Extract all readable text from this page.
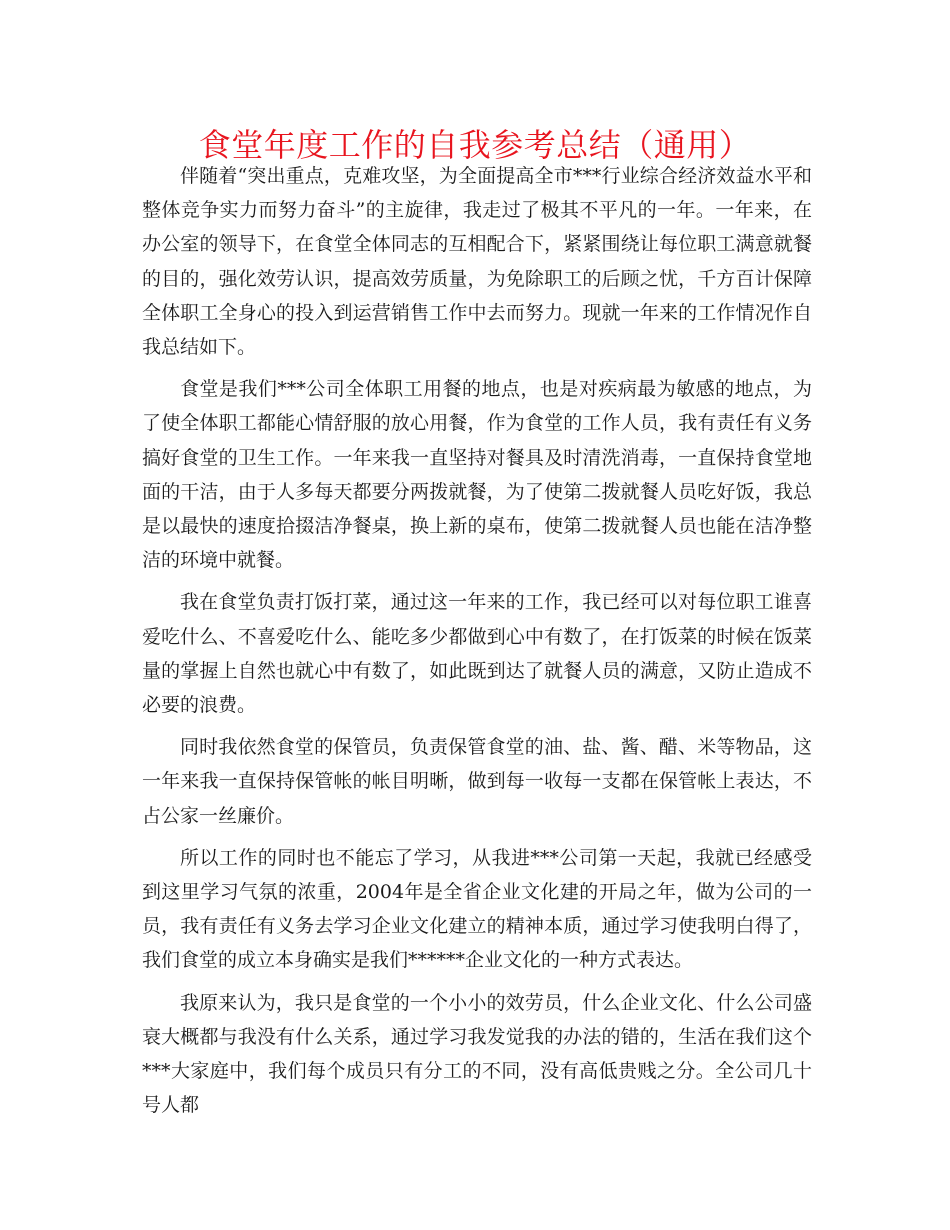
食堂年度工作的自我参考总结（通用）

伴随着“突出重点，克难攻坚，为全面提高全市***行业综合经济效益水平和整体竞争实力而努力奋斗”的主旋律，我走过了极其不平凡的一年。一年来，在办公室的领导下，在食堂全体同志的互相配合下，紧紧围绕让每位职工满意就餐的目的，强化效劳认识，提高效劳质量，为免除职工的后顾之忧，千方百计保障全体职工全身心的投入到运营销售工作中去而努力。现就一年来的工作情况作自我总结如下。

食堂是我们***公司全体职工用餐的地点，也是对疾病最为敏感的地点，为了使全体职工都能心情舒服的放心用餐，作为食堂的工作人员，我有责任有义务搞好食堂的卫生工作。一年来我一直坚持对餐具及时清洗消毒，一直保持食堂地面的干洁，由于人多每天都要分两拨就餐，为了使第二拨就餐人员吃好饭，我总是以最快的速度拾掇洁净餐桌，换上新的桌布，使第二拨就餐人员也能在洁净整洁的环境中就餐。

我在食堂负责打饭打菜，通过这一年来的工作，我已经可以对每位职工谁喜爱吃什么、不喜爱吃什么、能吃多少都做到心中有数了，在打饭菜的时候在饭菜量的掌握上自然也就心中有数了，如此既到达了就餐人员的满意，又防止造成不必要的浪费。

同时我依然食堂的保管员，负责保管食堂的油、盐、酱、醋、米等物品，这一年来我一直保持保管帐的帐目明晰，做到每一收每一支都在保管帐上表达，不占公家一丝廉价。

所以工作的同时也不能忘了学习，从我进***公司第一天起，我就已经感受到这里学习气氛的浓重，2004年是全省企业文化建的开局之年，做为公司的一员，我有责任有义务去学习企业文化建立的精神本质，通过学习使我明白得了，我们食堂的成立本身确实是我们******企业文化的一种方式表达。

我原来认为，我只是食堂的一个小小的效劳员，什么企业文化、什么公司盛衰大概都与我没有什么关系，通过学习我发觉我的办法的错的，生活在我们这个***大家庭中，我们每个成员只有分工的不同，没有高低贵贱之分。全公司几十号人都
